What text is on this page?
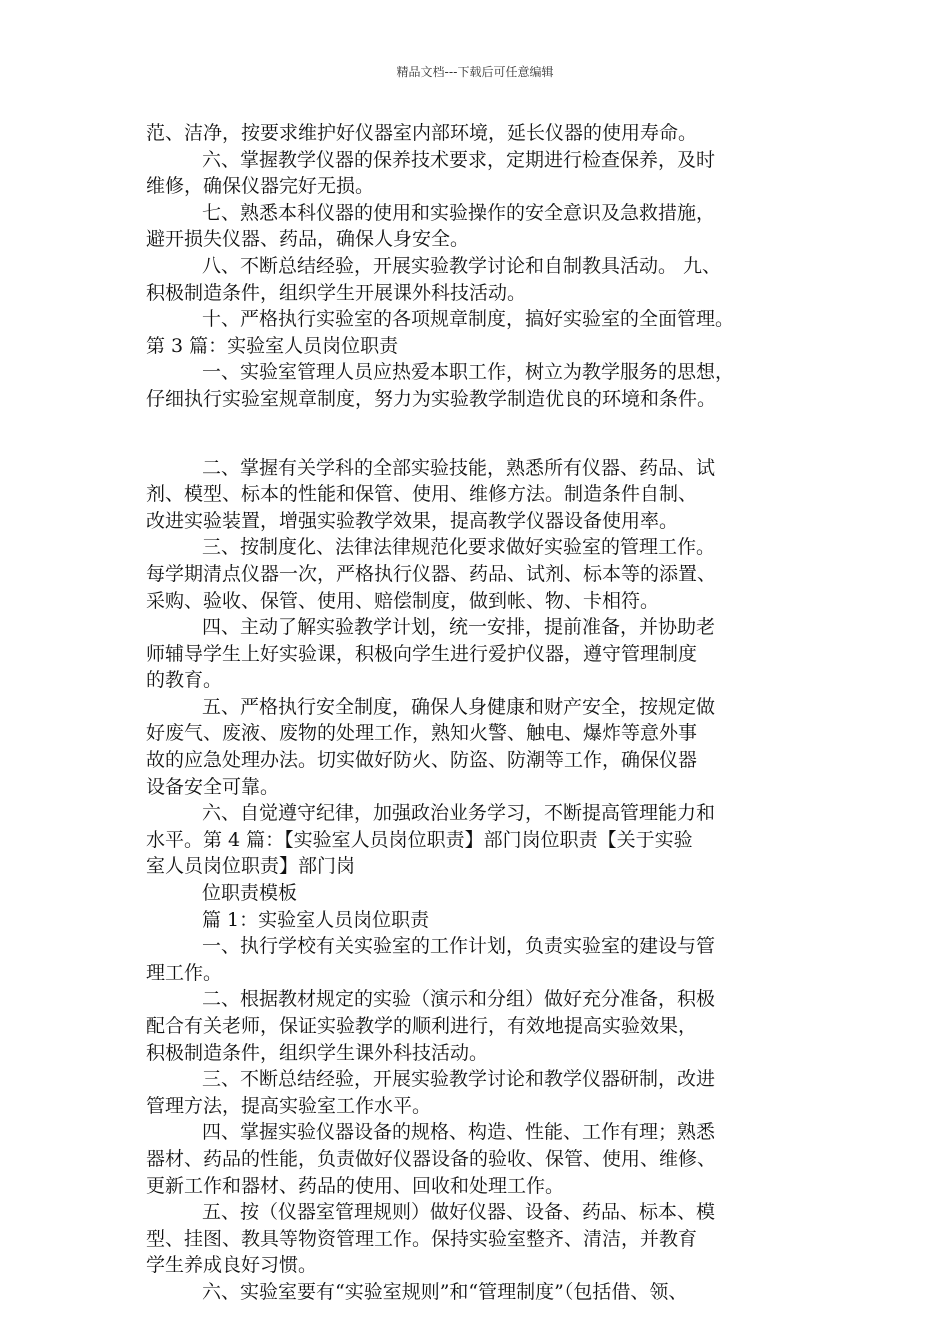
精品文档---下载后可任意编辑
范、洁净，按要求维护好仪器室内部环境，延长仪器的使用寿命。
六、掌握教学仪器的保养技术要求，定期进行检查保养，及时
维修，确保仪器完好无损。
七、熟悉本科仪器的使用和实验操作的安全意识及急救措施，
避开损失仪器、药品，确保人身安全。
八、不断总结经验，开展实验教学讨论和自制教具活动。 九、
积极制造条件，组织学生开展课外科技活动。
十、严格执行实验室的各项规章制度，搞好实验室的全面管理。
第 3 篇：实验室人员岗位职责
一、实验室管理人员应热爱本职工作，树立为教学服务的思想，
仔细执行实验室规章制度，努力为实验教学制造优良的环境和条件。
二、掌握有关学科的全部实验技能，熟悉所有仪器、药品、试
剂、模型、标本的性能和保管、使用、维修方法。制造条件自制、
改进实验装置，增强实验教学效果，提高教学仪器设备使用率。
三、按制度化、法律法律规范化要求做好实验室的管理工作。
每学期清点仪器一次，严格执行仪器、药品、试剂、标本等的添置、
采购、验收、保管、使用、赔偿制度，做到帐、物、卡相符。
四、主动了解实验教学计划，统一安排，提前准备，并协助老
师辅导学生上好实验课，积极向学生进行爱护仪器，遵守管理制度
的教育。
五、严格执行安全制度，确保人身健康和财产安全，按规定做
好废气、废液、废物的处理工作，熟知火警、触电、爆炸等意外事
故的应急处理办法。切实做好防火、防盗、防潮等工作，确保仪器
设备安全可靠。
六、自觉遵守纪律，加强政治业务学习，不断提高管理能力和
水平。第 4 篇：【实验室人员岗位职责】部门岗位职责【关于实验
室人员岗位职责】部门岗
位职责模板
篇 1：实验室人员岗位职责
一、执行学校有关实验室的工作计划，负责实验室的建设与管
理工作。
二、根据教材规定的实验（演示和分组）做好充分准备，积极
配合有关老师，保证实验教学的顺利进行，有效地提高实验效果，
积极制造条件，组织学生课外科技活动。
三、不断总结经验，开展实验教学讨论和教学仪器研制，改进
管理方法，提高实验室工作水平。
四、掌握实验仪器设备的规格、构造、性能、工作有理；熟悉
器材、药品的性能，负责做好仪器设备的验收、保管、使用、维修、
更新工作和器材、药品的使用、回收和处理工作。
五、按（仪器室管理规则）做好仪器、设备、药品、标本、模
型、挂图、教具等物资管理工作。保持实验室整齐、清洁，并教育
学生养成良好习惯。
六、实验室要有“实验室规则”和“管理制度”（包括借、领、
